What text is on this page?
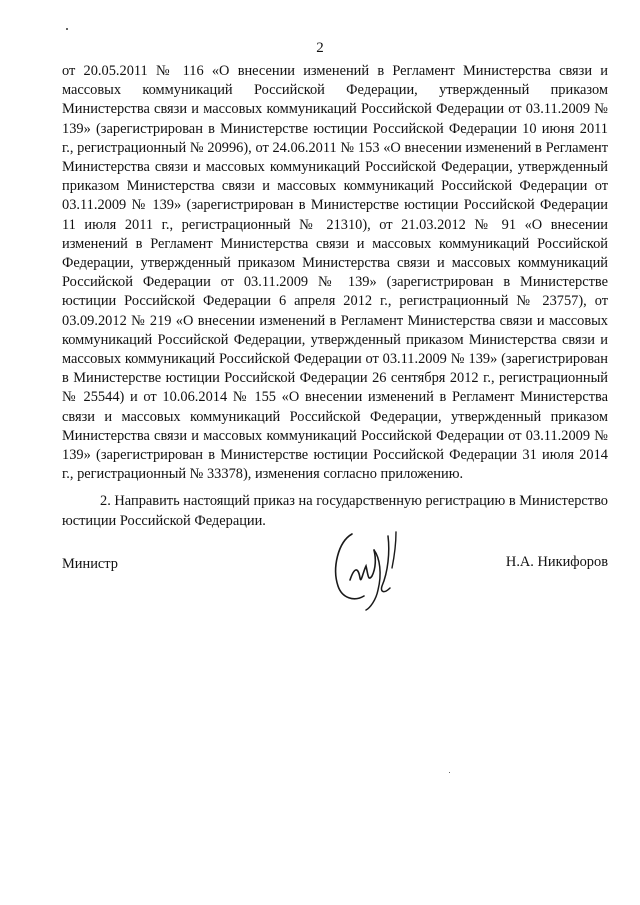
2

от 20.05.2011 № 116 «О внесении изменений в Регламент Министерства связи и массовых коммуникаций Российской Федерации, утвержденный приказом Министерства связи и массовых коммуникаций Российской Федерации от 03.11.2009 № 139» (зарегистрирован в Министерстве юстиции Российской Федерации 10 июня 2011 г., регистрационный № 20996), от 24.06.2011 № 153 «О внесении изменений в Регламент Министерства связи и массовых коммуникаций Российской Федерации, утвержденный приказом Министерства связи и массовых коммуникаций Российской Федерации от 03.11.2009 № 139» (зарегистрирован в Министерстве юстиции Российской Федерации 11 июля 2011 г., регистрационный № 21310), от 21.03.2012 № 91 «О внесении изменений в Регламент Министерства связи и массовых коммуникаций Российской Федерации, утвержденный приказом Министерства связи и массовых коммуникаций Российской Федерации от 03.11.2009 № 139» (зарегистрирован в Министерстве юстиции Российской Федерации 6 апреля 2012 г., регистрационный № 23757), от 03.09.2012 № 219 «О внесении изменений в Регламент Министерства связи и массовых коммуникаций Российской Федерации, утвержденный приказом Министерства связи и массовых коммуникаций Российской Федерации от 03.11.2009 № 139» (зарегистрирован в Министерстве юстиции Российской Федерации 26 сентября 2012 г., регистрационный № 25544) и от 10.06.2014 № 155 «О внесении изменений в Регламент Министерства связи и массовых коммуникаций Российской Федерации, утвержденный приказом Министерства связи и массовых коммуникаций Российской Федерации от 03.11.2009 № 139» (зарегистрирован в Министерстве юстиции Российской Федерации 31 июля 2014 г., регистрационный № 33378), изменения согласно приложению.

2. Направить настоящий приказ на государственную регистрацию в Министерство юстиции Российской Федерации.

Министр	Н.А. Никифоров
